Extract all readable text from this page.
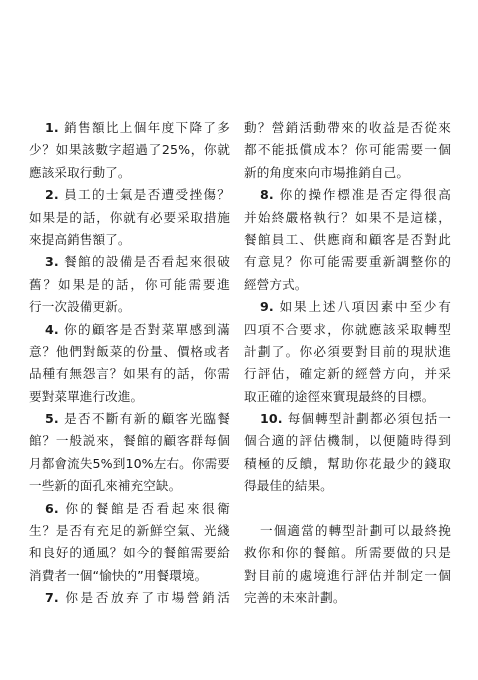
1. 銷售額比上個年度下降了多
少？如果該數字超過了25%，你就
應該采取行動了。
2. 員工的士氣是否遭受挫傷？
如果是的話，你就有必要采取措施
來提高銷售額了。
3. 餐館的設備是否看起來很破
舊？如果是的話，你可能需要進
行一次設備更新。
4. 你的顧客是否對菜單感到滿
意？他們對飯菜的份量、價格或者
品種有無怨言？如果有的話，你需
要對菜單進行改進。
5. 是否不斷有新的顧客光臨餐
館？一般説來，餐館的顧客群每個
月都會流失5%到10%左右。你需要
一些新的面孔來補充空缺。
6. 你的餐館是否看起來很衛
生？是否有充足的新鮮空氣、光綫
和良好的通風？如今的餐館需要給
消費者一個“愉快的”用餐環境。
7. 你是否放弃了市場營銷活
動？營銷活動帶來的收益是否從來
都不能抵償成本？你可能需要一個
新的角度來向市場推銷自己。
8. 你的操作標准是否定得很高
并始終嚴格執行？如果不是這樣，
餐館員工、供應商和顧客是否對此
有意見？你可能需要重新調整你的
經營方式。
9. 如果上述八項因素中至少有
四項不合要求，你就應該采取轉型
計劃了。你必須要對目前的現狀進
行評估，確定新的經營方向，并采
取正確的途徑來實現最終的目標。
10. 每個轉型計劃都必須包括一
個合適的評估機制，以便隨時得到
積極的反饋，幫助你花最少的錢取
得最佳的結果。
一個適當的轉型計劃可以最終挽
救你和你的餐館。所需要做的只是
對目前的處境進行評估并制定一個
完善的未來計劃。
